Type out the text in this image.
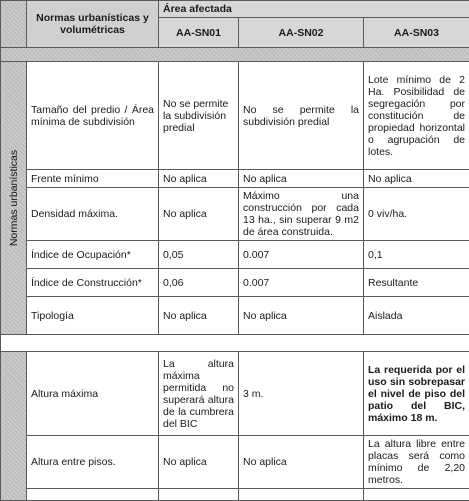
	Normas urbanísticas y volumétricas	Área afectada		
		AA-SN01	AA-SN02	AA-SN03

Normas urbanísticas	Tamaño del predio / Área mínima de subdivisión	No se permite la subdivisión predial	No se permite la subdivisión predial	Lote mínimo de 2 Ha. Posibilidad de segregación por constitución de propiedad horizontal o agrupación de lotes.
	Frente mínimo	No aplica	No aplica	No aplica
	Densidad máxima.	No aplica	Máximo una construcción por cada 13 ha., sin superar 9 m2 de área construida.	0 viv/ha.
	Índice de Ocupación*	0,05	0.007	0,1
	Índice de Construcción*	0,06	0.007	Resultante
	Tipología	No aplica	No aplica	Aislada

	Altura máxima	La altura máxima permitida no superará altura de la cumbrera del BIC	3 m.	La requerida por el uso sin sobrepasar el nivel de piso del patio del BIC, máximo 18 m.
	Altura entre pisos.	No aplica	No aplica	La altura libre entre placas será como mínimo de 2,20 metros.
